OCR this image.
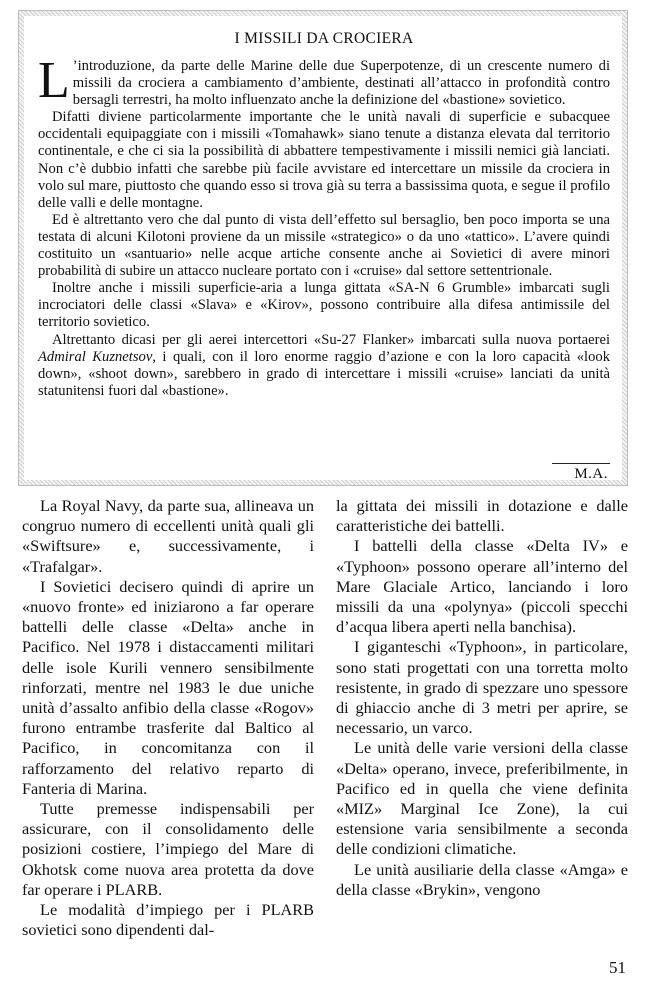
I MISSILI DA CROCIERA

L ’introduzione, da parte delle Marine delle due Superpotenze, di un crescente numero di missili da crociera a cambiamento d’ambiente, destinati all’attacco in profondità contro bersagli terrestri, ha molto influenzato anche la definizione del «bastione» sovietico.

Difatti diviene particolarmente importante che le unità navali di superficie e subacquee occidentali equipaggiate con i missili «Tomahawk» siano tenute a distanza elevata dal territorio continentale, e che ci sia la possibilità di abbattere tempestivamente i missili nemici già lanciati. Non c’è dubbio infatti che sarebbe più facile avvistare ed intercettare un missile da crociera in volo sul mare, piuttosto che quando esso si trova già su terra a bassissima quota, e segue il profilo delle valli e delle montagne.

Ed è altrettanto vero che dal punto di vista dell’effetto sul bersaglio, ben poco importa se una testata di alcuni Kilotoni proviene da un missile «strategico» o da uno «tattico». L’avere quindi costituito un «santuario» nelle acque artiche consente anche ai Sovietici di avere minori probabilità di subire un attacco nucleare portato con i «cruise» dal settore settentrionale.

Inoltre anche i missili superficie-aria a lunga gittata «SA-N 6 Grumble» imbarcati sugli incrociatori delle classi «Slava» e «Kirov», possono contribuire alla difesa antimissile del territorio sovietico.

Altrettanto dicasi per gli aerei intercettori «Su-27 Flanker» imbarcati sulla nuova portaerei Admiral Kuznetsov, i quali, con il loro enorme raggio d’azione e con la loro capacità «look down», «shoot down», sarebbero in grado di intercettare i missili «cruise» lanciati da unità statunitensi fuori dal «bastione».

M.A.

La Royal Navy, da parte sua, allineava un congruo numero di eccellenti unità quali gli «Swiftsure» e, successivamente, i «Trafalgar».

I Sovietici decisero quindi di aprire un «nuovo fronte» ed iniziarono a far operare battelli delle classe «Delta» anche in Pacifico. Nel 1978 i distaccamenti militari delle isole Kurili vennero sensibilmente rinforzati, mentre nel 1983 le due uniche unità d’assalto anfibio della classe «Rogov» furono entrambe trasferite dal Baltico al Pacifico, in concomitanza con il rafforzamento del relativo reparto di Fanteria di Marina.

Tutte premesse indispensabili per assicurare, con il consolidamento delle posizioni costiere, l’impiego del Mare di Okhotsk come nuova area protetta da dove far operare i PLARB.

Le modalità d’impiego per i PLARB sovietici sono dipendenti dal-

la gittata dei missili in dotazione e dalle caratteristiche dei battelli.

I battelli della classe «Delta IV» e «Typhoon» possono operare all’interno del Mare Glaciale Artico, lanciando i loro missili da una «polynya» (piccoli specchi d’acqua libera aperti nella banchisa).

I giganteschi «Typhoon», in particolare, sono stati progettati con una torretta molto resistente, in grado di spezzare uno spessore di ghiaccio anche di 3 metri per aprire, se necessario, un varco.

Le unità delle varie versioni della classe «Delta» operano, invece, preferibilmente, in Pacifico ed in quella che viene definita «MIZ» Marginal Ice Zone), la cui estensione varia sensibilmente a seconda delle condizioni climatiche.

Le unità ausiliarie della classe «Amga» e della classe «Brykin», vengono

51
